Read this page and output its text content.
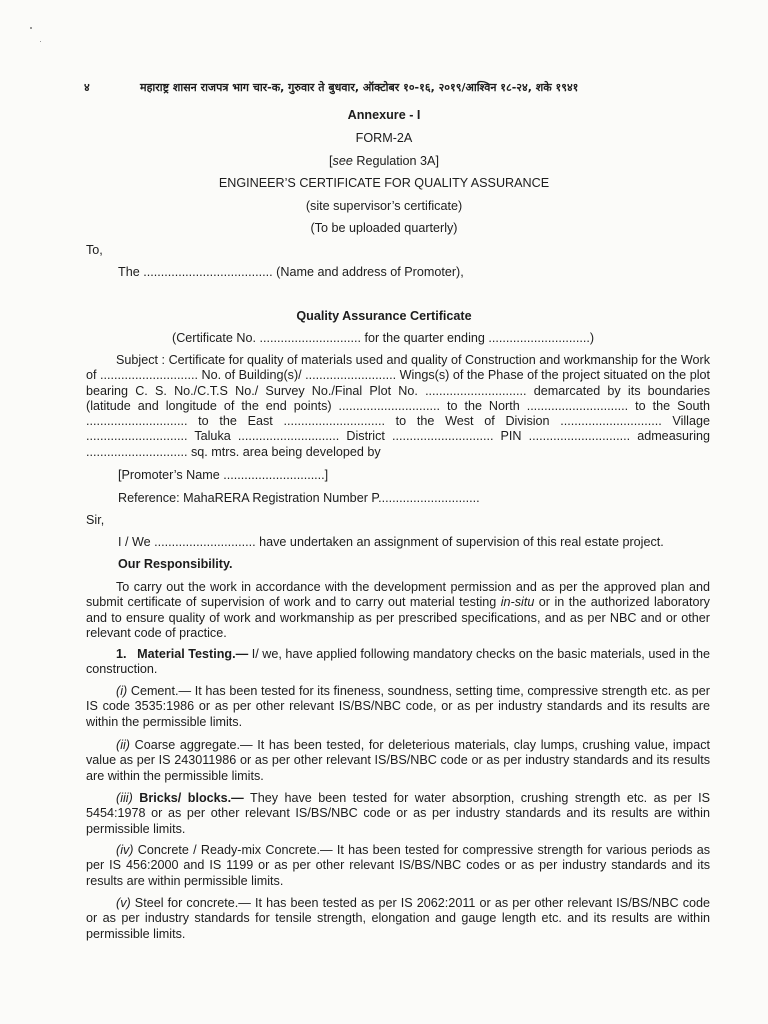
४	महाराष्ट्र शासन राजपत्र भाग चार-क, गुरुवार ते बुधवार, ऑक्टोबर १०-१६, २०१९/आश्विन १८-२४, शके १९४१
Annexure - I
FORM-2A
[see Regulation 3A]
ENGINEER’S CERTIFICATE FOR QUALITY ASSURANCE
(site supervisor’s certificate)
(To be uploaded quarterly)
To,
The ..................................... (Name and address of Promoter),
Quality Assurance Certificate
(Certificate No. ............................. for the quarter ending .............................)
Subject : Certificate for quality of materials used and quality of Construction and workmanship for the Work of ............................ No. of Building(s)/ .......................... Wings(s) of the Phase of the project situated on the plot bearing C. S. No./C.T.S No./ Survey No./Final Plot No. ............................. demarcated by its boundaries (latitude and longitude of the end points) ............................. to the North ............................. to the South ............................. to the East ............................. to the West of Division ............................. Village ............................. Taluka ............................. District ............................. PIN ............................. admeasuring ............................. sq. mtrs. area being developed by
[Promoter’s Name .............................]
Reference: MahaRERA Registration Number P.............................
Sir,
I / We ............................. have undertaken an assignment of supervision of this real estate project.
Our Responsibility.
To carry out the work in accordance with the development permission and as per the approved plan and submit certificate of supervision of work and to carry out material testing in-situ or in the authorized laboratory and to ensure quality of work and workmanship as per prescribed specifications, and as per NBC and or other relevant code of practice.
1. Material Testing.— I/ we, have applied following mandatory checks on the basic materials, used in the construction.
(i) Cement.— It has been tested for its fineness, soundness, setting time, compressive strength etc. as per IS code 3535:1986 or as per other relevant IS/BS/NBC code, or as per industry standards and its results are within the permissible limits.
(ii) Coarse aggregate.— It has been tested, for deleterious materials, clay lumps, crushing value, impact value as per IS 243011986 or as per other relevant IS/BS/NBC code or as per industry standards and its results are within the permissible limits.
(iii) Bricks/ blocks.— They have been tested for water absorption, crushing strength etc. as per IS 5454:1978 or as per other relevant IS/BS/NBC code or as per industry standards and its results are within permissible limits.
(iv) Concrete / Ready-mix Concrete.— It has been tested for compressive strength for various periods as per IS 456:2000 and IS 1199 or as per other relevant IS/BS/NBC codes or as per industry standards and its results are within permissible limits.
(v) Steel for concrete.— It has been tested as per IS 2062:2011 or as per other relevant IS/BS/NBC code or as per industry standards for tensile strength, elongation and gauge length etc. and its results are within permissible limits.
